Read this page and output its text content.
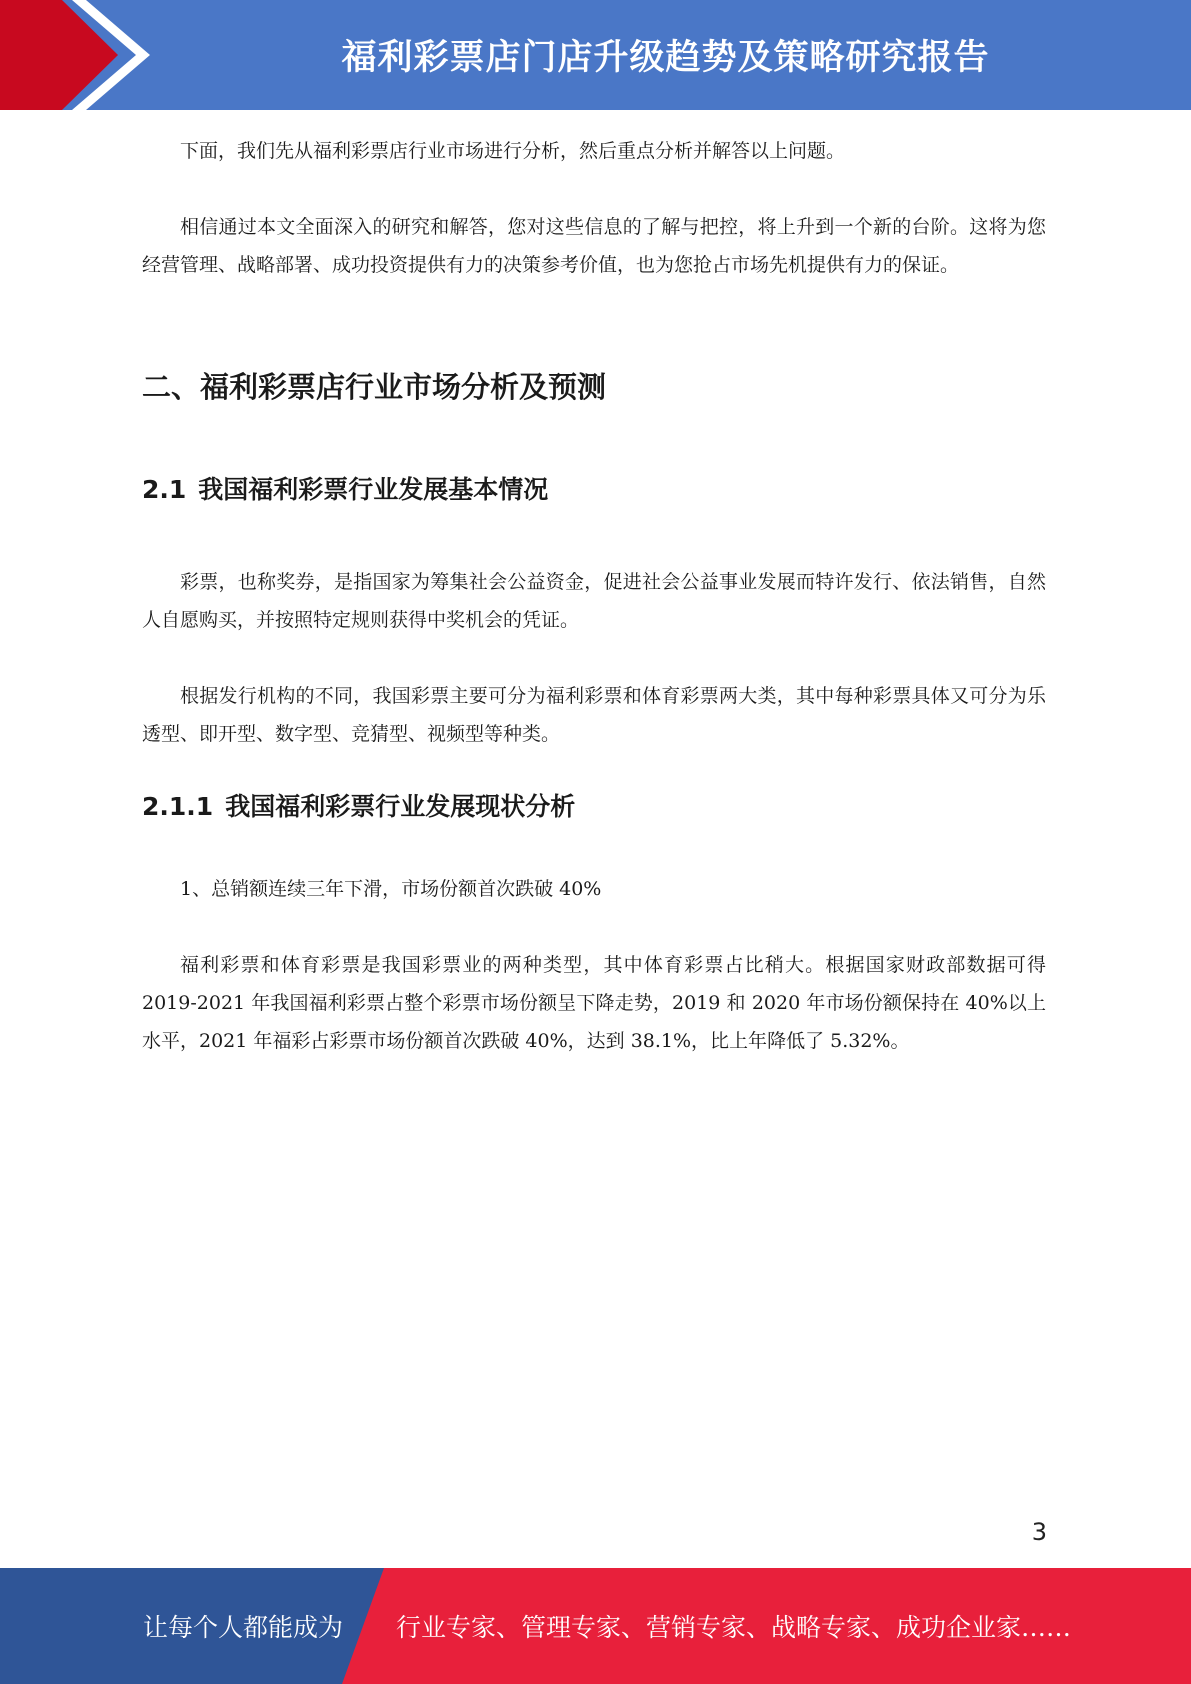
福利彩票店门店升级趋势及策略研究报告

下面，我们先从福利彩票店行业市场进行分析，然后重点分析并解答以上问题。

相信通过本文全面深入的研究和解答，您对这些信息的了解与把控，将上升到一个新的台阶。这将为您经营管理、战略部署、成功投资提供有力的决策参考价值，也为您抢占市场先机提供有力的保证。

二、福利彩票店行业市场分析及预测
2.1 我国福利彩票行业发展基本情况

彩票，也称奖券，是指国家为筹集社会公益资金，促进社会公益事业发展而特许发行、依法销售，自然人自愿购买，并按照特定规则获得中奖机会的凭证。

根据发行机构的不同，我国彩票主要可分为福利彩票和体育彩票两大类，其中每种彩票具体又可分为乐透型、即开型、数字型、竞猜型、视频型等种类。

2.1.1 我国福利彩票行业发展现状分析

1、总销额连续三年下滑，市场份额首次跌破 40%

福利彩票和体育彩票是我国彩票业的两种类型，其中体育彩票占比稍大。根据国家财政部数据可得 2019-2021 年我国福利彩票占整个彩票市场份额呈下降走势，2019 和 2020 年市场份额保持在 40%以上水平，2021 年福彩占彩票市场份额首次跌破 40%，达到 38.1%，比上年降低了 5.32%。

3
让每个人都能成为 行业专家、管理专家、营销专家、战略专家、成功企业家……
